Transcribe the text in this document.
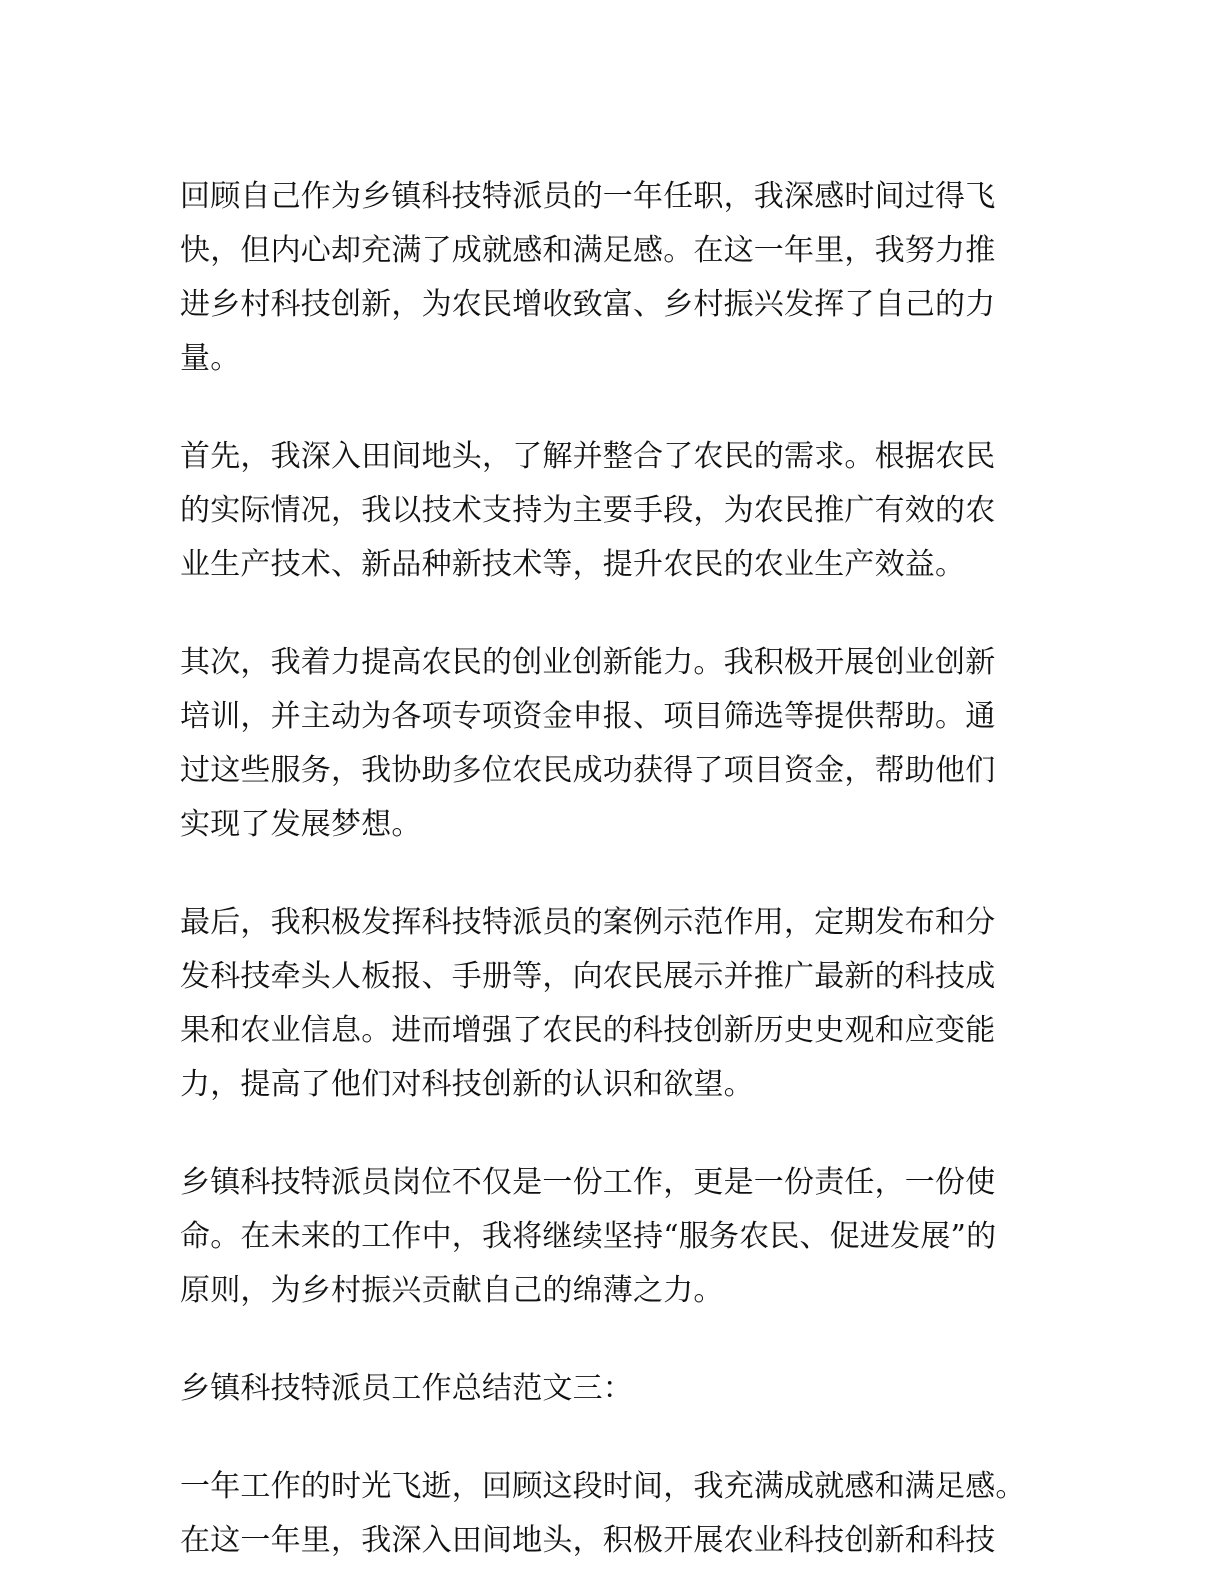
回顾自己作为乡镇科技特派员的一年任职，我深感时间过得飞
快，但内心却充满了成就感和满足感。在这一年里，我努力推
进乡村科技创新，为农民增收致富、乡村振兴发挥了自己的力
量。

首先，我深入田间地头，了解并整合了农民的需求。根据农民
的实际情况，我以技术支持为主要手段，为农民推广有效的农
业生产技术、新品种新技术等，提升农民的农业生产效益。

其次，我着力提高农民的创业创新能力。我积极开展创业创新
培训，并主动为各项专项资金申报、项目筛选等提供帮助。通
过这些服务，我协助多位农民成功获得了项目资金，帮助他们
实现了发展梦想。

最后，我积极发挥科技特派员的案例示范作用，定期发布和分
发科技牵头人板报、手册等，向农民展示并推广最新的科技成
果和农业信息。进而增强了农民的科技创新历史史观和应变能
力，提高了他们对科技创新的认识和欲望。

乡镇科技特派员岗位不仅是一份工作，更是一份责任，一份使
命。在未来的工作中，我将继续坚持“服务农民、促进发展”的
原则，为乡村振兴贡献自己的绵薄之力。

乡镇科技特派员工作总结范文三：

一年工作的时光飞逝，回顾这段时间，我充满成就感和满足感。
在这一年里，我深入田间地头，积极开展农业科技创新和科技
